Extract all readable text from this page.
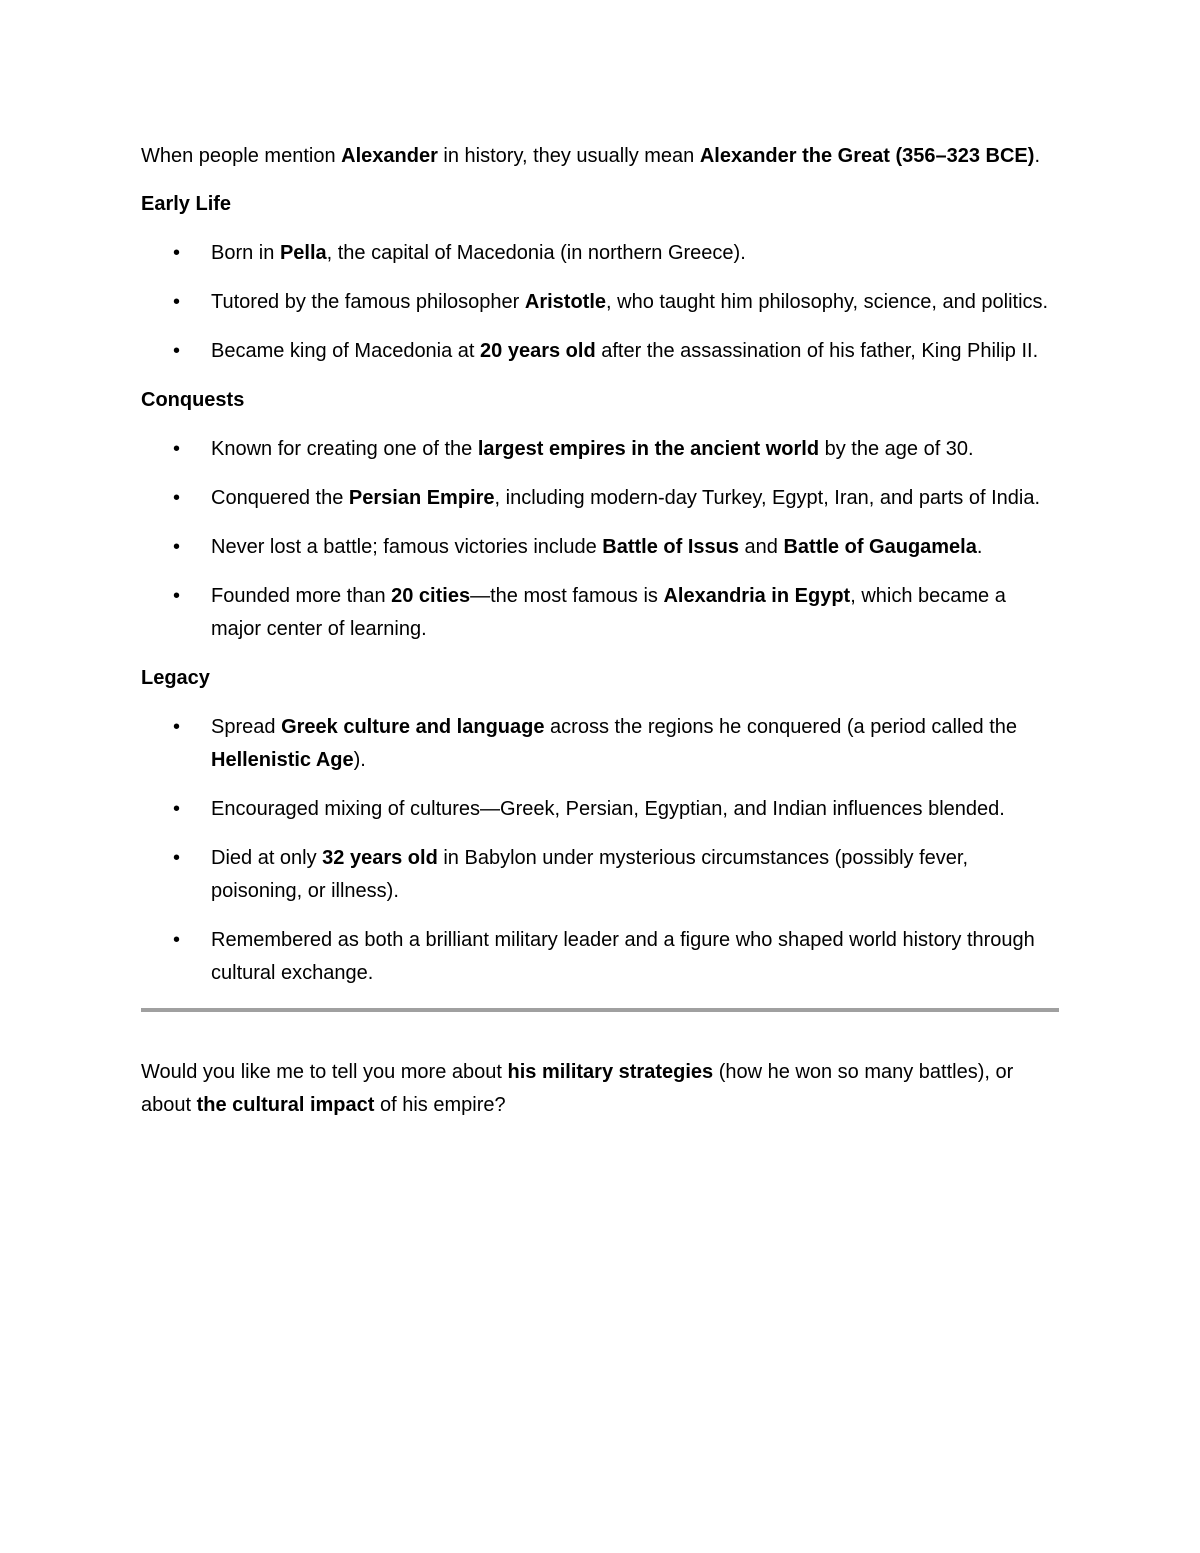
When people mention Alexander in history, they usually mean Alexander the Great (356–323 BCE).

Early Life

• Born in Pella, the capital of Macedonia (in northern Greece).
• Tutored by the famous philosopher Aristotle, who taught him philosophy, science, and politics.
• Became king of Macedonia at 20 years old after the assassination of his father, King Philip II.

Conquests

• Known for creating one of the largest empires in the ancient world by the age of 30.
• Conquered the Persian Empire, including modern-day Turkey, Egypt, Iran, and parts of India.
• Never lost a battle; famous victories include Battle of Issus and Battle of Gaugamela.
• Founded more than 20 cities—the most famous is Alexandria in Egypt, which became a major center of learning.

Legacy

• Spread Greek culture and language across the regions he conquered (a period called the Hellenistic Age).
• Encouraged mixing of cultures—Greek, Persian, Egyptian, and Indian influences blended.
• Died at only 32 years old in Babylon under mysterious circumstances (possibly fever, poisoning, or illness).
• Remembered as both a brilliant military leader and a figure who shaped world history through cultural exchange.

Would you like me to tell you more about his military strategies (how he won so many battles), or about the cultural impact of his empire?
